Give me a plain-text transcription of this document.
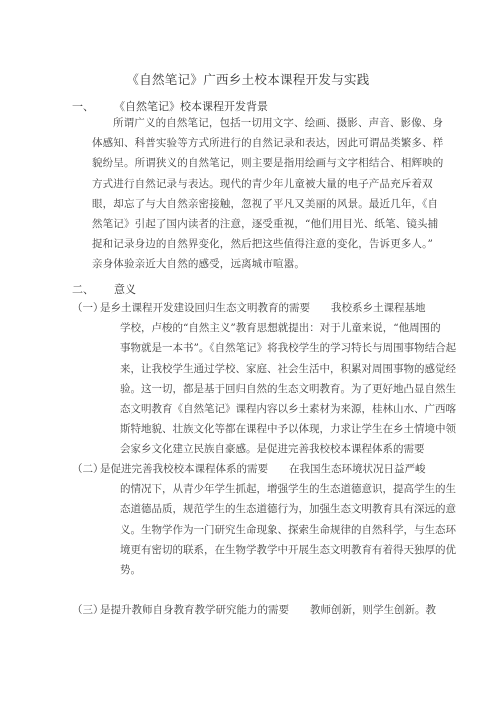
《自然笔记》广西乡土校本课程开发与实践
一、	《自然笔记》校本课程开发背景
所谓广义的自然笔记，包括一切用文字、绘画、摄影、声音、影像、身
体感知、科普实验等方式所进行的自然记录和表达，因此可谓品类繁多、样
貌纷呈。所谓狭义的自然笔记，则主要是指用绘画与文字相结合、相辉映的
方式进行自然记录与表达。现代的青少年儿童被大量的电子产品充斥着双
眼，却忘了与大自然亲密接触，忽视了平凡又美丽的风景。最近几年，《自
然笔记》引起了国内读者的注意，逐受重视，“他们用目光、纸笔、镜头捕
捉和记录身边的自然界变化，然后把这些值得注意的变化，告诉更多人。”
亲身体验亲近大自然的感受，远离城市喧嚣。
二、	意义
（一）
是乡土课程开发建设回归生态文明教育的需要　　我校系乡土课程基地
学校，卢梭的“自然主义”教育思想就提出：对于儿童来说，“他周围的
事物就是一本书”。《自然笔记》将我校学生的学习特长与周围事物结合起
来，让我校学生通过学校、家庭、社会生活中，积累对周围事物的感觉经
验。这一切，都是基于回归自然的生态文明教育。为了更好地凸显自然生
态文明教育《自然笔记》课程内容以乡土素材为来源，桂林山水、广西喀
斯特地貌、壮族文化等都在课程中予以体现，力求让学生在乡土情境中领
会家乡文化建立民族自豪感。是促进完善我校校本课程体系的需要
（二）
是促进完善我校校本课程体系的需要　　在我国生态环境状况日益严峻
的情况下，从青少年学生抓起，增强学生的生态道德意识，提高学生的生
态道德品质，规范学生的生态道德行为，加强生态文明教育具有深远的意
义。生物学作为一门研究生命现象、探索生命规律的自然科学，与生态环
境更有密切的联系，在生物学教学中开展生态文明教育有着得天独厚的优
势。
（三）
是提升教师自身教育教学研究能力的需要　　教师创新，则学生创新。教
